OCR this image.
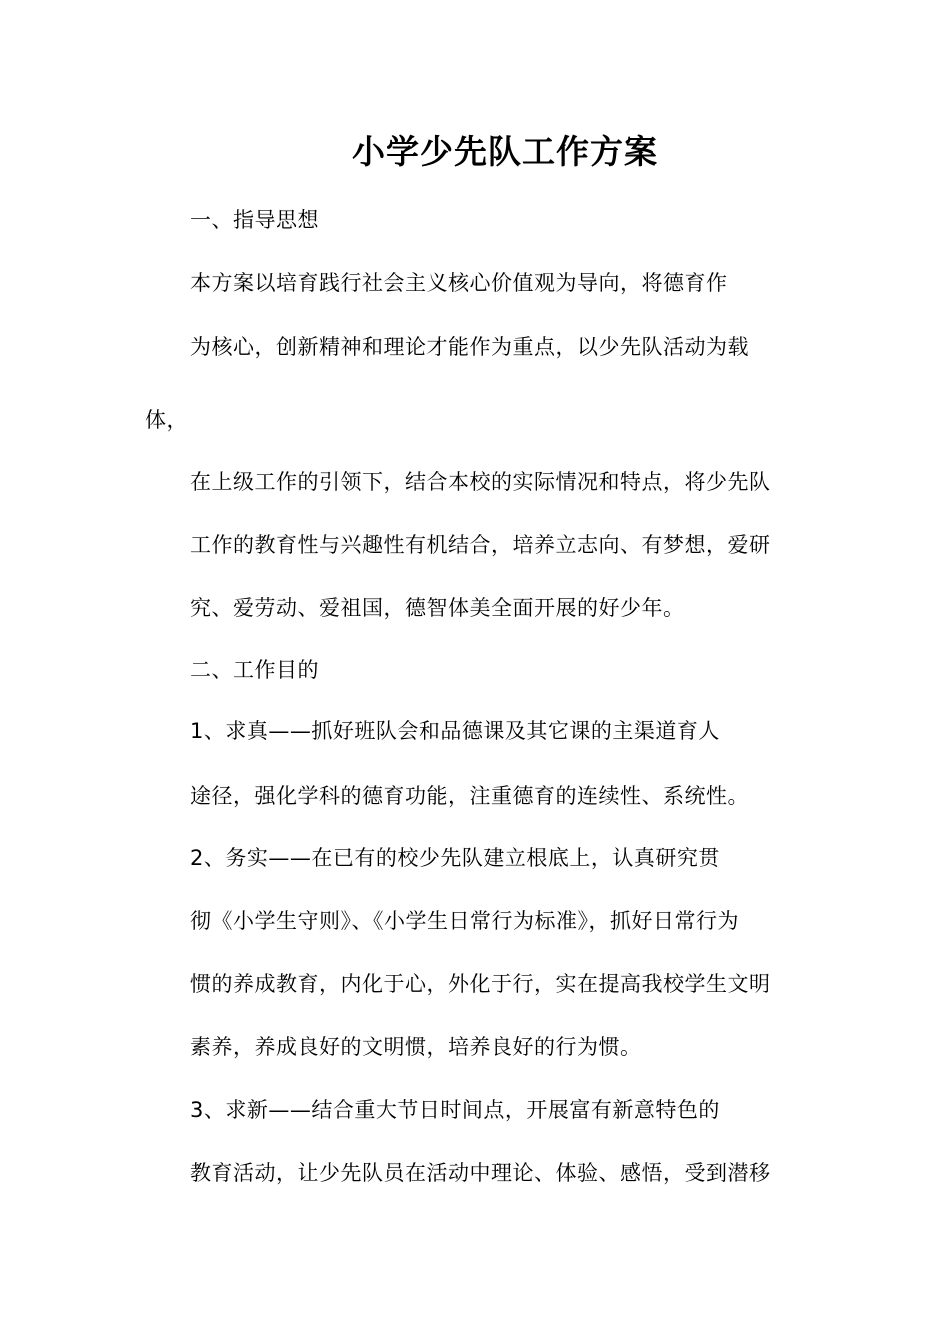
小学少先队工作方案
一、指导思想
本方案以培育践行社会主义核心价值观为导向，将德育作
为核心，创新精神和理论才能作为重点，以少先队活动为载
体，
在上级工作的引领下，结合本校的实际情况和特点，将少先队
工作的教育性与兴趣性有机结合，培养立志向、有梦想，爱研
究、爱劳动、爱祖国，德智体美全面开展的好少年。
二、工作目的
1、求真——抓好班队会和品德课及其它课的主渠道育人
途径，强化学科的德育功能，注重德育的连续性、系统性。
2、务实——在已有的校少先队建立根底上，认真研究贯
彻《小学生守则》、《小学生日常行为标准》，抓好日常行为
惯的养成教育，内化于心，外化于行，实在提高我校学生文明
素养，养成良好的文明惯，培养良好的行为惯。
3、求新——结合重大节日时间点，开展富有新意特色的
教育活动，让少先队员在活动中理论、体验、感悟，受到潜移
